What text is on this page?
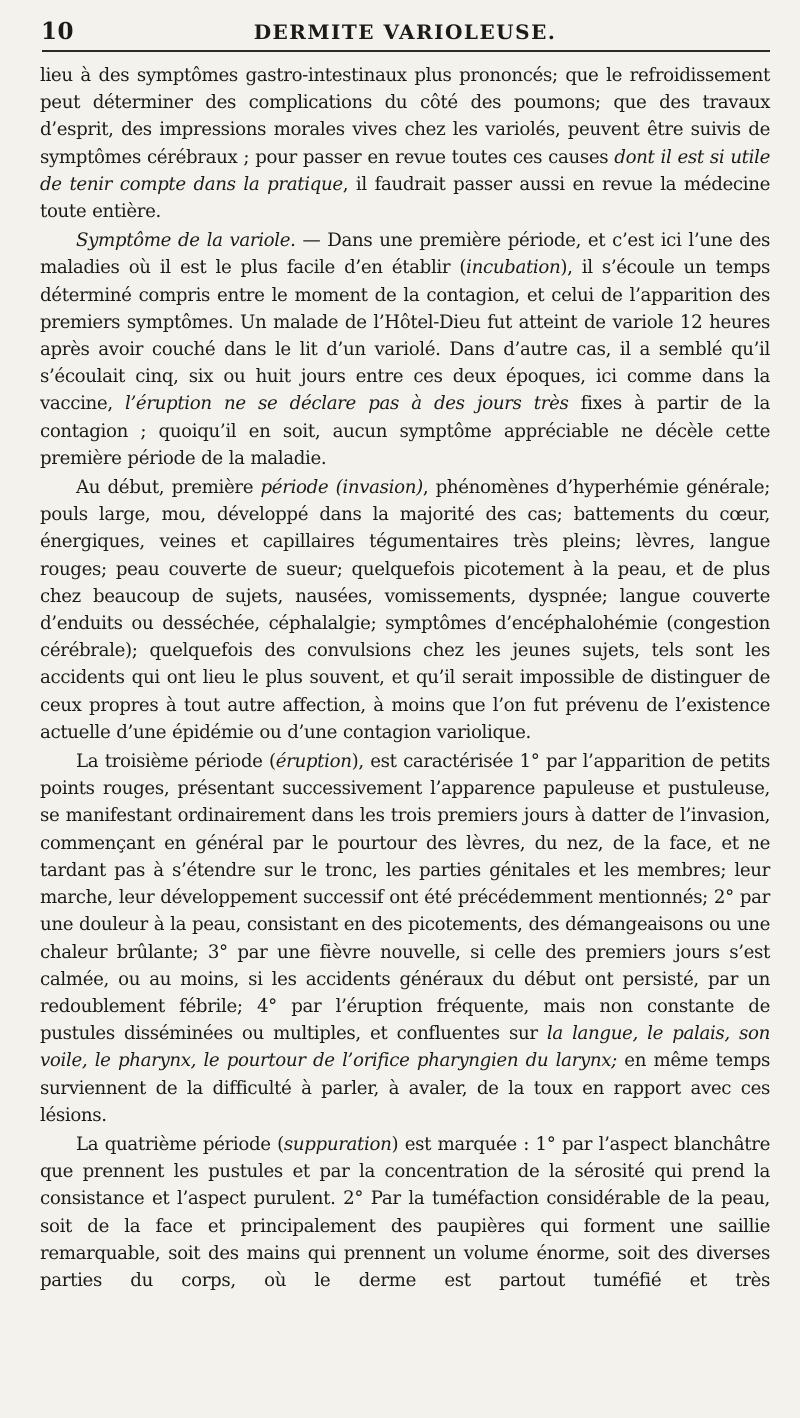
10	DERMITE VARIOLEUSE.

lieu à des symptômes gastro-intestinaux plus prononcés; que le refroidissement peut déterminer des complications du côté des poumons; que des travaux d’esprit, des impressions morales vives chez les variolés, peuvent être suivis de symptômes cérébraux ; pour passer en revue toutes ces causes dont il est si utile de tenir compte dans la pratique, il faudrait passer aussi en revue la médecine toute entière.

Symptôme de la variole. — Dans une première période, et c’est ici l’une des maladies où il est le plus facile d’en établir (incubation), il s’écoule un temps déterminé compris entre le moment de la contagion, et celui de l’apparition des premiers symptômes. Un malade de l’Hôtel-Dieu fut atteint de variole 12 heures après avoir couché dans le lit d’un variolé. Dans d’autre cas, il a semblé qu’il s’écoulait cinq, six ou huit jours entre ces deux époques, ici comme dans la vaccine, l’éruption ne se déclare pas à des jours très fixes à partir de la contagion ; quoiqu’il en soit, aucun symptôme appréciable ne décèle cette première période de la maladie.

Au début, première période (invasion), phénomènes d’hyperhémie générale; pouls large, mou, développé dans la majorité des cas; battements du cœur, énergiques, veines et capillaires tégumentaires très pleins; lèvres, langue rouges; peau couverte de sueur; quelquefois picotement à la peau, et de plus chez beaucoup de sujets, nausées, vomissements, dyspnée; langue couverte d’enduits ou desséchée, céphalalgie; symptômes d’encéphalohémie (congestion cérébrale); quelquefois des convulsions chez les jeunes sujets, tels sont les accidents qui ont lieu le plus souvent, et qu’il serait impossible de distinguer de ceux propres à tout autre affection, à moins que l’on fut prévenu de l’existence actuelle d’une épidémie ou d’une contagion variolique.

La troisième période (éruption), est caractérisée 1° par l’apparition de petits points rouges, présentant successivement l’apparence papuleuse et pustuleuse, se manifestant ordinairement dans les trois premiers jours à datter de l’invasion, commençant en général par le pourtour des lèvres, du nez, de la face, et ne tardant pas à s’étendre sur le tronc, les parties génitales et les membres; leur marche, leur développement successif ont été précédemment mentionnés; 2° par une douleur à la peau, consistant en des picotements, des démangeaisons ou une chaleur brûlante; 3° par une fièvre nouvelle, si celle des premiers jours s’est calmée, ou au moins, si les accidents généraux du début ont persisté, par un redoublement fébrile; 4° par l’éruption fréquente, mais non constante de pustules disséminées ou multiples, et confluentes sur la langue, le palais, son voile, le pharynx, le pourtour de l’orifice pharyngien du larynx; en même temps surviennent de la difficulté à parler, à avaler, de la toux en rapport avec ces lésions.

La quatrième période (suppuration) est marquée : 1° par l’aspect blanchâtre que prennent les pustules et par la concentration de la sérosité qui prend la consistance et l’aspect purulent. 2° Par la tuméfaction considérable de la peau, soit de la face et principalement des paupières qui forment une saillie remarquable, soit des mains qui prennent un volume énorme, soit des diverses parties du corps, où le derme est partout tuméfié et très
